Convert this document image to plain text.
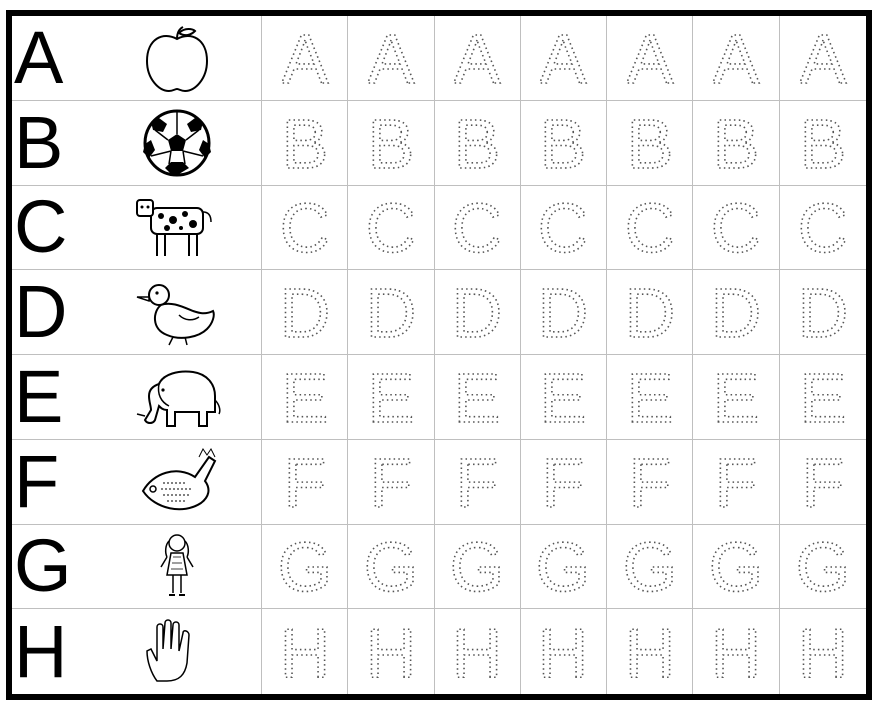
A	A A A A A A A
B	B B B B B B B
C	C C C C C C C
D	D D D D D D D
E	E E E E E E E
F	F F F F F F F
G	G G G G G G G
H	H H H H H H H
